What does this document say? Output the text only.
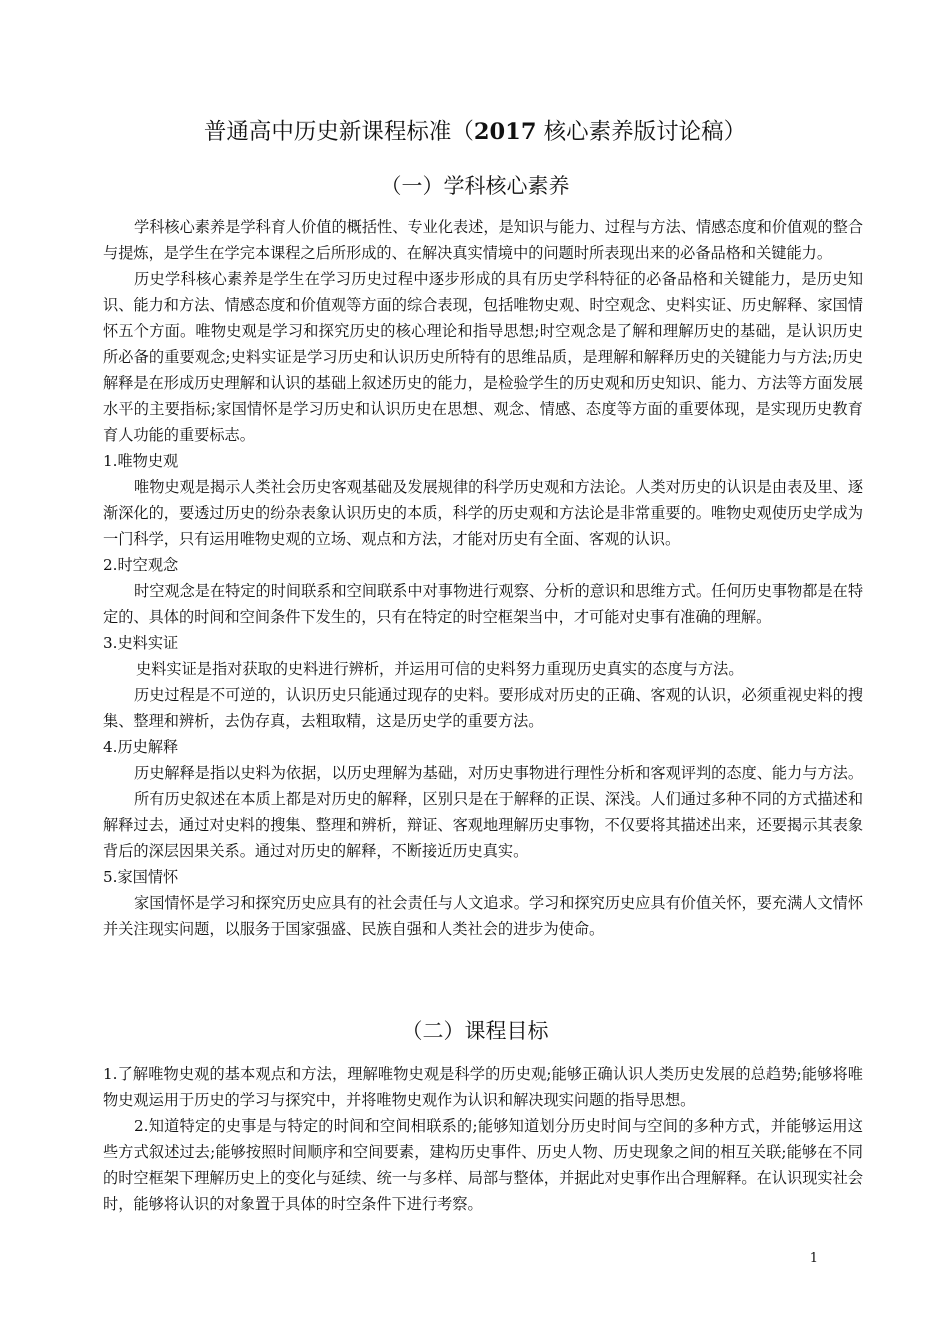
普通高中历史新课程标准（2017 核心素养版讨论稿）
（一）学科核心素养

学科核心素养是学科育人价值的概括性、专业化表述，是知识与能力、过程与方法、情感态度和价值观的整合与提炼，是学生在学完本课程之后所形成的、在解决真实情境中的问题时所表现出来的必备品格和关键能力。

历史学科核心素养是学生在学习历史过程中逐步形成的具有历史学科特征的必备品格和关键能力，是历史知识、能力和方法、情感态度和价值观等方面的综合表现，包括唯物史观、时空观念、史料实证、历史解释、家国情怀五个方面。唯物史观是学习和探究历史的核心理论和指导思想;时空观念是了解和理解历史的基础，是认识历史所必备的重要观念;史料实证是学习历史和认识历史所特有的思维品质，是理解和解释历史的关键能力与方法;历史解释是在形成历史理解和认识的基础上叙述历史的能力，是检验学生的历史观和历史知识、能力、方法等方面发展水平的主要指标;家国情怀是学习历史和认识历史在思想、观念、情感、态度等方面的重要体现，是实现历史教育育人功能的重要标志。

1.唯物史观

唯物史观是揭示人类社会历史客观基础及发展规律的科学历史观和方法论。人类对历史的认识是由表及里、逐渐深化的，要透过历史的纷杂表象认识历史的本质，科学的历史观和方法论是非常重要的。唯物史观使历史学成为一门科学，只有运用唯物史观的立场、观点和方法，才能对历史有全面、客观的认识。

2.时空观念

时空观念是在特定的时间联系和空间联系中对事物进行观察、分析的意识和思维方式。任何历史事物都是在特定的、具体的时间和空间条件下发生的，只有在特定的时空框架当中，才可能对史事有准确的理解。

3.史料实证

史料实证是指对获取的史料进行辨析，并运用可信的史料努力重现历史真实的态度与方法。

历史过程是不可逆的，认识历史只能通过现存的史料。要形成对历史的正确、客观的认识，必须重视史料的搜集、整理和辨析，去伪存真，去粗取精，这是历史学的重要方法。

4.历史解释

历史解释是指以史料为依据，以历史理解为基础，对历史事物进行理性分析和客观评判的态度、能力与方法。

所有历史叙述在本质上都是对历史的解释，区别只是在于解释的正误、深浅。人们通过多种不同的方式描述和解释过去，通过对史料的搜集、整理和辨析，辩证、客观地理解历史事物，不仅要将其描述出来，还要揭示其表象背后的深层因果关系。通过对历史的解释，不断接近历史真实。

5.家国情怀

家国情怀是学习和探究历史应具有的社会责任与人文追求。学习和探究历史应具有价值关怀，要充满人文情怀并关注现实问题，以服务于国家强盛、民族自强和人类社会的进步为使命。

（二）课程目标

1.了解唯物史观的基本观点和方法，理解唯物史观是科学的历史观;能够正确认识人类历史发展的总趋势;能够将唯物史观运用于历史的学习与探究中，并将唯物史观作为认识和解决现实问题的指导思想。

2.知道特定的史事是与特定的时间和空间相联系的;能够知道划分历史时间与空间的多种方式，并能够运用这些方式叙述过去;能够按照时间顺序和空间要素，建构历史事件、历史人物、历史现象之间的相互关联;能够在不同的时空框架下理解历史上的变化与延续、统一与多样、局部与整体，并据此对史事作出合理解释。在认识现实社会时，能够将认识的对象置于具体的时空条件下进行考察。

1
